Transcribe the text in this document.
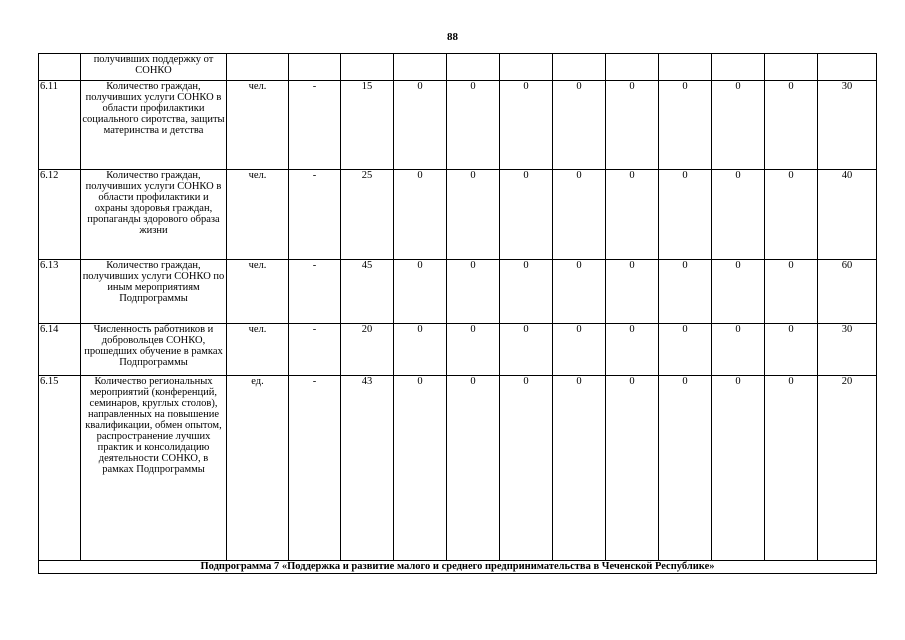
88
	получивших поддержку от СОНКО												
6.11	Количество граждан, получивших услуги СОНКО в области профилактики социального сиротства, защиты материнства и детства	чел.	-	15	0	0	0	0	0	0	0	0	30
6.12	Количество граждан, получивших услуги СОНКО в области профилактики и охраны здоровья граждан, пропаганды здорового образа жизни	чел.	-	25	0	0	0	0	0	0	0	0	40
6.13	Количество граждан, получивших услуги СОНКО по иным мероприятиям Подпрограммы	чел.	-	45	0	0	0	0	0	0	0	0	60
6.14	Численность работников и добровольцев СОНКО, прошедших обучение в рамках Подпрограммы	чел.	-	20	0	0	0	0	0	0	0	0	30
6.15	Количество региональных мероприятий (конференций, семинаров, круглых столов), направленных на повышение квалификации, обмен опытом, распространение лучших практик и консолидацию деятельности СОНКО, в рамках Подпрограммы	ед.	-	43	0	0	0	0	0	0	0	0	20
Подпрограмма 7 «Поддержка и развитие малого и среднего предпринимательства в Чеченской Республике»													
